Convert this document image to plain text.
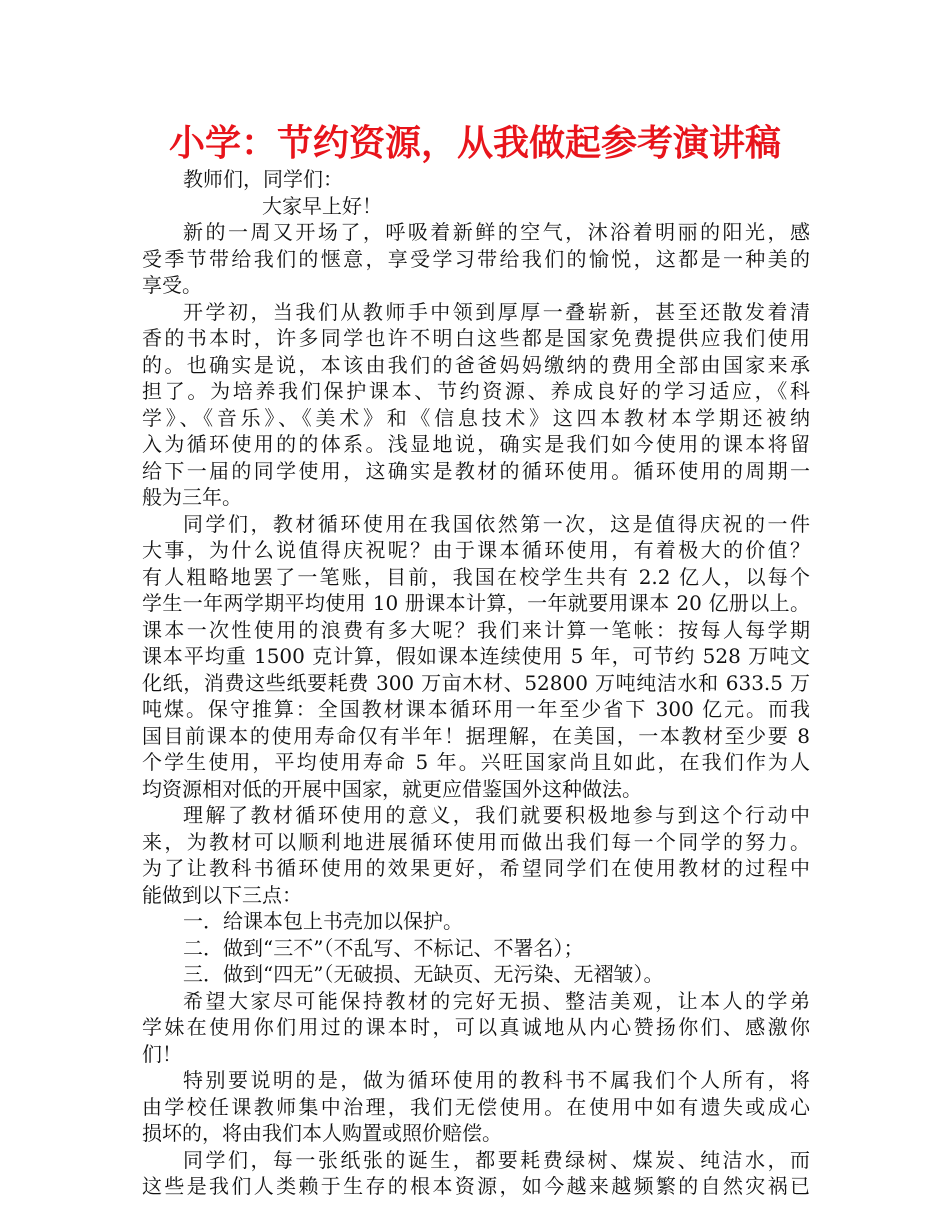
小学：节约资源，从我做起参考演讲稿
教师们，同学们：
大家早上好！
新的一周又开场了，呼吸着新鲜的空气，沐浴着明丽的阳光，感
受季节带给我们的惬意，享受学习带给我们的愉悦，这都是一种美的
享受。
开学初，当我们从教师手中领到厚厚一叠崭新，甚至还散发着清
香的书本时，许多同学也许不明白这些都是国家免费提供应我们使用
的。也确实是说，本该由我们的爸爸妈妈缴纳的费用全部由国家来承
担了。为培养我们保护课本、节约资源、养成良好的学习适应，《科
学》、《音乐》、《美术》和《信息技术》这四本教材本学期还被纳
入为循环使用的的体系。浅显地说，确实是我们如今使用的课本将留
给下一届的同学使用，这确实是教材的循环使用。循环使用的周期一
般为三年。
同学们，教材循环使用在我国依然第一次，这是值得庆祝的一件
大事，为什么说值得庆祝呢？由于课本循环使用，有着极大的价值？
有人粗略地罢了一笔账，目前，我国在校学生共有 2.2 亿人，以每个
学生一年两学期平均使用 10 册课本计算，一年就要用课本 20 亿册以上。
课本一次性使用的浪费有多大呢？我们来计算一笔帐：按每人每学期
课本平均重 1500 克计算，假如课本连续使用 5 年，可节约 528 万吨文
化纸，消费这些纸要耗费 300 万亩木材、52800 万吨纯洁水和 633.5 万
吨煤。保守推算：全国教材课本循环用一年至少省下 300 亿元。而我
国目前课本的使用寿命仅有半年！据理解，在美国，一本教材至少要 8
个学生使用，平均使用寿命 5 年。兴旺国家尚且如此，在我们作为人
均资源相对低的开展中国家，就更应借鉴国外这种做法。
理解了教材循环使用的意义，我们就要积极地参与到这个行动中
来，为教材可以顺利地进展循环使用而做出我们每一个同学的努力。
为了让教科书循环使用的效果更好，希望同学们在使用教材的过程中
能做到以下三点：
一．给课本包上书壳加以保护。
二．做到“三不”（不乱写、不标记、不署名）；
三．做到“四无”（无破损、无缺页、无污染、无褶皱）。
希望大家尽可能保持教材的完好无损、整洁美观，让本人的学弟
学妹在使用你们用过的课本时，可以真诚地从内心赞扬你们、感激你
们！
特别要说明的是，做为循环使用的教科书不属我们个人所有，将
由学校任课教师集中治理，我们无偿使用。在使用中如有遗失或成心
损坏的，将由我们本人购置或照价赔偿。
同学们，每一张纸张的诞生，都要耗费绿树、煤炭、纯洁水，而
这些是我们人类赖于生存的根本资源，如今越来越频繁的自然灾祸已
